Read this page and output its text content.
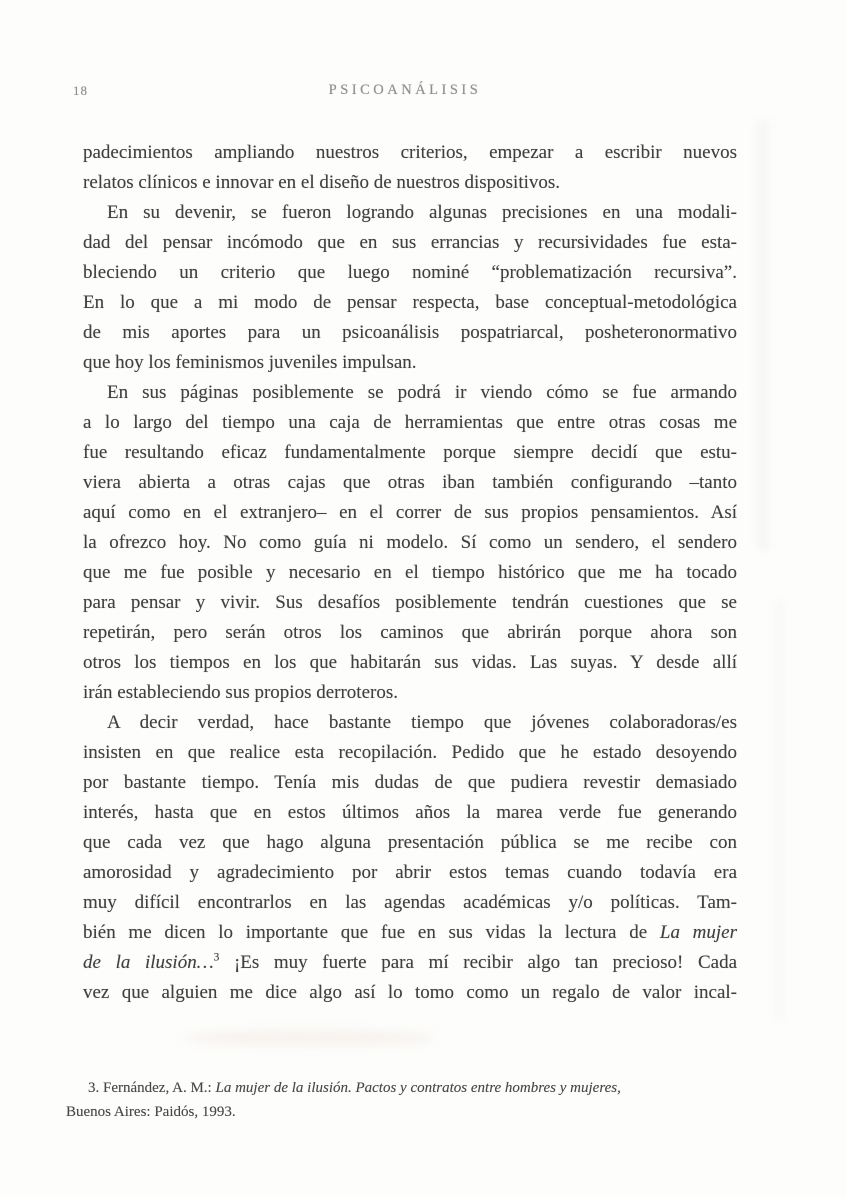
18	PSICOANÁLISIS
padecimientos ampliando nuestros criterios, empezar a escribir nuevos
relatos clínicos e innovar en el diseño de nuestros dispositivos.
En su devenir, se fueron logrando algunas precisiones en una modali-
dad del pensar incómodo que en sus errancias y recursividades fue esta-
bleciendo un criterio que luego nominé “problematización recursiva”.
En lo que a mi modo de pensar respecta, base conceptual-metodológica
de mis aportes para un psicoanálisis pospatriarcal, posheteronormativo
que hoy los feminismos juveniles impulsan.
En sus páginas posiblemente se podrá ir viendo cómo se fue armando
a lo largo del tiempo una caja de herramientas que entre otras cosas me
fue resultando eficaz fundamentalmente porque siempre decidí que estu-
viera abierta a otras cajas que otras iban también configurando –tanto
aquí como en el extranjero– en el correr de sus propios pensamientos. Así
la ofrezco hoy. No como guía ni modelo. Sí como un sendero, el sendero
que me fue posible y necesario en el tiempo histórico que me ha tocado
para pensar y vivir. Sus desafíos posiblemente tendrán cuestiones que se
repetirán, pero serán otros los caminos que abrirán porque ahora son
otros los tiempos en los que habitarán sus vidas. Las suyas. Y desde allí
irán estableciendo sus propios derroteros.
A decir verdad, hace bastante tiempo que jóvenes colaboradoras/es
insisten en que realice esta recopilación. Pedido que he estado desoyendo
por bastante tiempo. Tenía mis dudas de que pudiera revestir demasiado
interés, hasta que en estos últimos años la marea verde fue generando
que cada vez que hago alguna presentación pública se me recibe con
amorosidad y agradecimiento por abrir estos temas cuando todavía era
muy difícil encontrarlos en las agendas académicas y/o políticas. Tam-
bién me dicen lo importante que fue en sus vidas la lectura de La mujer
de la ilusión…$^3$ ¡Es muy fuerte para mí recibir algo tan precioso! Cada
vez que alguien me dice algo así lo tomo como un regalo de valor incal-
3. Fernández, A. M.: La mujer de la ilusión. Pactos y contratos entre hombres y mujeres,
Buenos Aires: Paidós, 1993.
